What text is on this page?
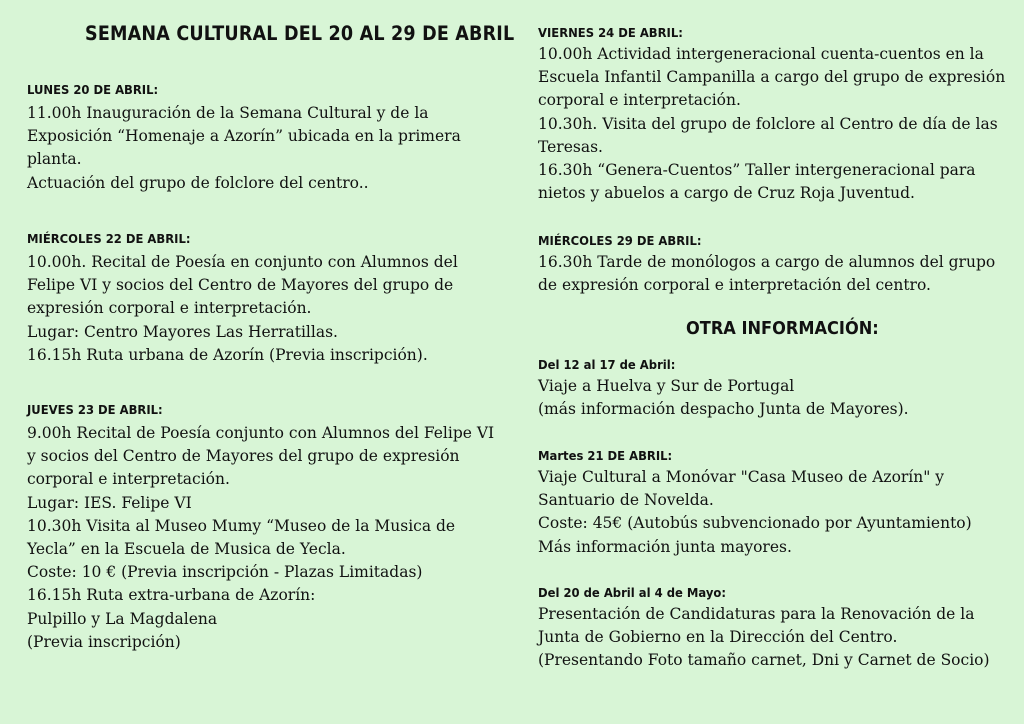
SEMANA CULTURAL DEL 20 AL 29 DE ABRIL
LUNES 20 DE ABRIL:
11.00h Inauguración de la Semana Cultural y de la
Exposición “Homenaje a Azorín” ubicada en la primera
planta.
Actuación del grupo de folclore del centro..
MIÉRCOLES 22 DE ABRIL:
10.00h. Recital de Poesía en conjunto con Alumnos del
Felipe VI y socios del Centro de Mayores del grupo de
expresión corporal e interpretación.
Lugar: Centro Mayores Las Herratillas.
16.15h Ruta urbana de Azorín (Previa inscripción).
JUEVES 23 DE ABRIL:
9.00h Recital de Poesía conjunto con Alumnos del Felipe VI
y socios del Centro de Mayores del grupo de expresión
corporal e interpretación.
Lugar: IES. Felipe VI
10.30h Visita al Museo Mumy “Museo de la Musica de
Yecla” en la Escuela de Musica de Yecla.
Coste: 10 € (Previa inscripción - Plazas Limitadas)
16.15h Ruta extra-urbana de Azorín:
Pulpillo y La Magdalena
(Previa inscripción)
VIERNES 24 DE ABRIL:
10.00h Actividad intergeneracional cuenta-cuentos en la
Escuela Infantil Campanilla a cargo del grupo de expresión
corporal e interpretación.
10.30h. Visita del grupo de folclore al Centro de día de las
Teresas.
16.30h “Genera-Cuentos” Taller intergeneracional para
nietos y abuelos a cargo de Cruz Roja Juventud.
MIÉRCOLES 29 DE ABRIL:
16.30h Tarde de monólogos a cargo de alumnos del grupo
de expresión corporal e interpretación del centro.
OTRA INFORMACIÓN:
Del 12 al 17 de Abril:
Viaje a Huelva y Sur de Portugal
(más información despacho Junta de Mayores).
Martes 21 DE ABRIL:
Viaje Cultural a Monóvar "Casa Museo de Azorín" y
Santuario de Novelda.
Coste: 45€ (Autobús subvencionado por Ayuntamiento)
Más información junta mayores.
Del 20 de Abril al 4 de Mayo:
Presentación de Candidaturas para la Renovación de la
Junta de Gobierno en la Dirección del Centro.
(Presentando Foto tamaño carnet, Dni y Carnet de Socio)
